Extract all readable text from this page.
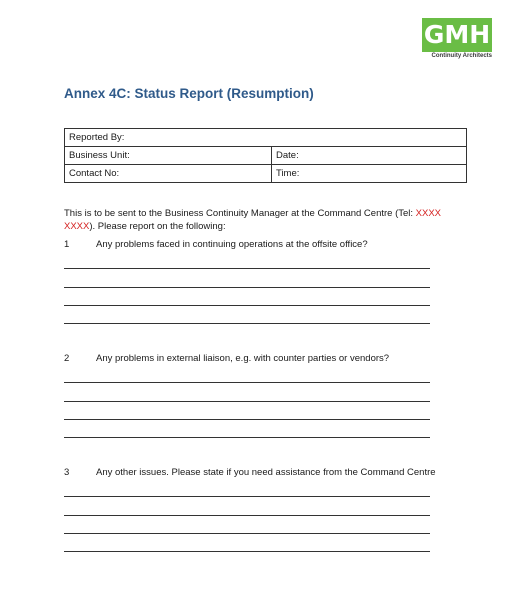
GMH
Continuity Architects
Annex 4C: Status Report (Resumption)
Reported By:	
Business Unit:	Date:
Contact No:	Time:
This is to be sent to the Business Continuity Manager at the Command Centre (Tel: XXXX XXXX). Please report on the following:
1	Any problems faced in continuing operations at the offsite office?
2	Any problems in external liaison, e.g. with counter parties or vendors?
3	Any other issues. Please state if you need assistance from the Command Centre
